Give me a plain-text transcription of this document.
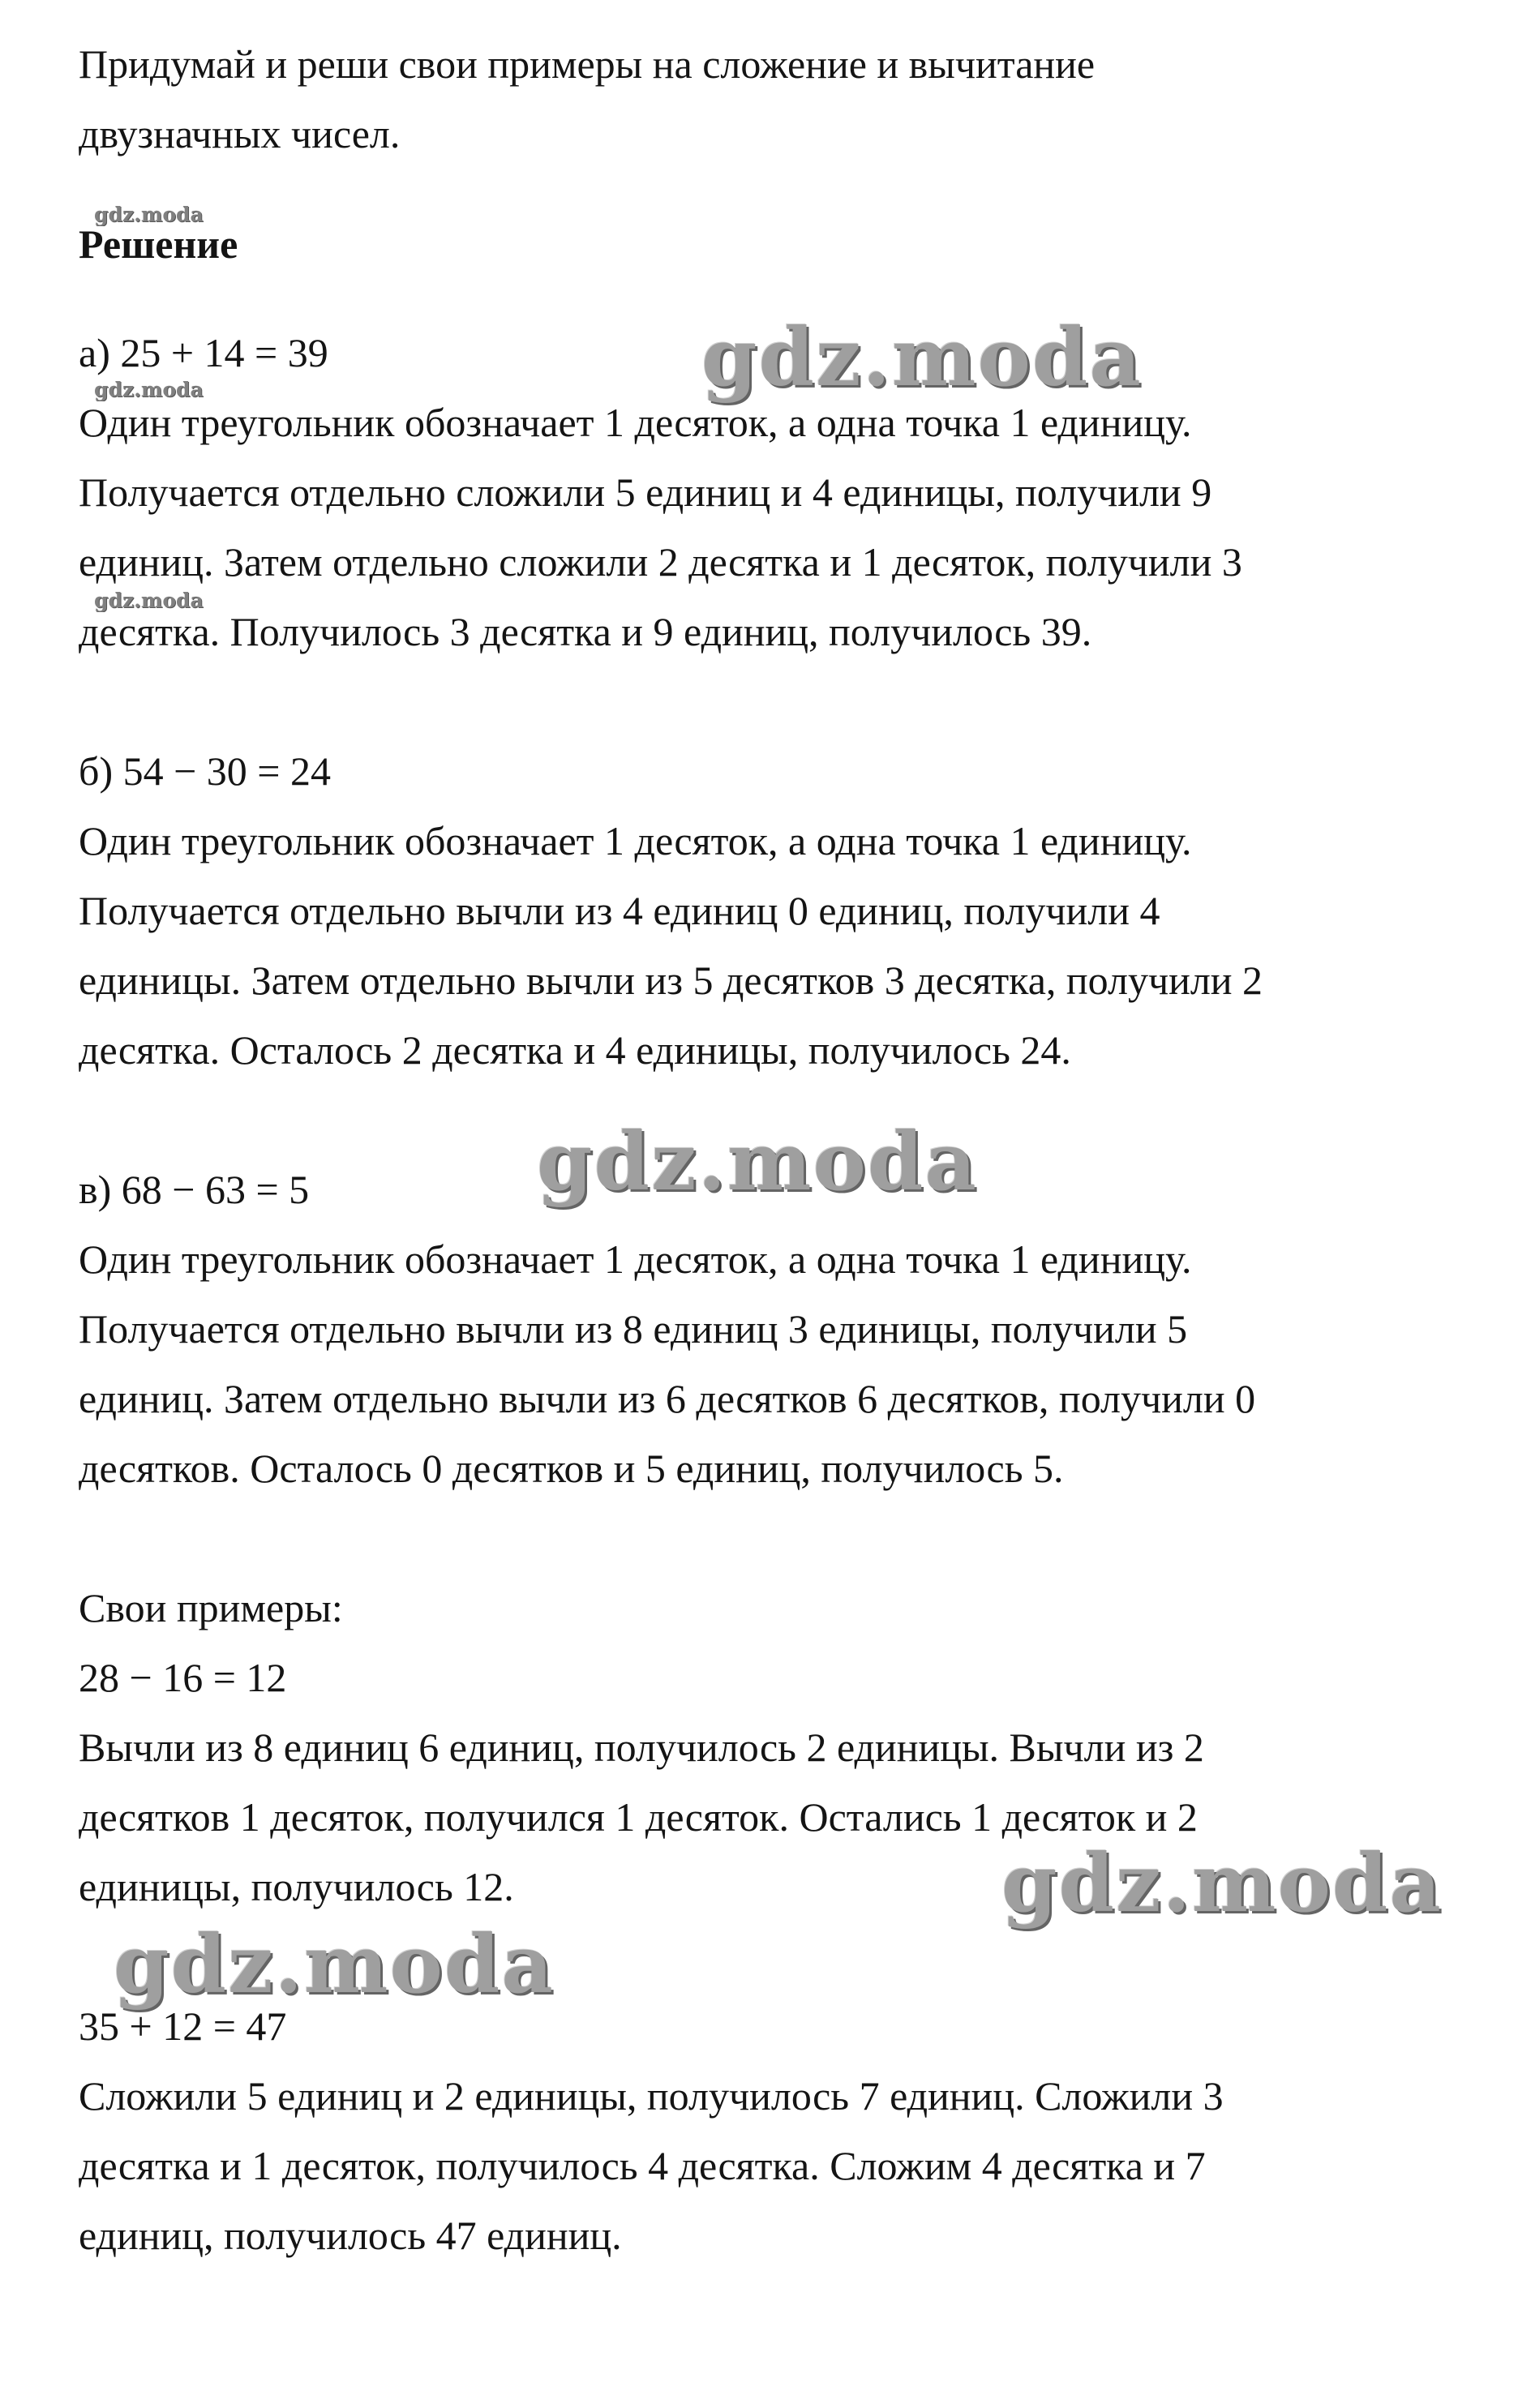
Придумай и реши свои примеры на сложение и вычитание
двузначных чисел.
Решение
а) 25 + 14 = 39
Один треугольник обозначает 1 десяток, а одна точка 1 единицу.
Получается отдельно сложили 5 единиц и 4 единицы, получили 9
единиц. Затем отдельно сложили 2 десятка и 1 десяток, получили 3
десятка. Получилось 3 десятка и 9 единиц, получилось 39.
б) 54 − 30 = 24
Один треугольник обозначает 1 десяток, а одна точка 1 единицу.
Получается отдельно вычли из 4 единиц 0 единиц, получили 4
единицы. Затем отдельно вычли из 5 десятков 3 десятка, получили 2
десятка. Осталось 2 десятка и 4 единицы, получилось 24.
в) 68 − 63 = 5
Один треугольник обозначает 1 десяток, а одна точка 1 единицу.
Получается отдельно вычли из 8 единиц 3 единицы, получили 5
единиц. Затем отдельно вычли из 6 десятков 6 десятков, получили 0
десятков. Осталось 0 десятков и 5 единиц, получилось 5.
Свои примеры:
28 − 16 = 12
Вычли из 8 единиц 6 единиц, получилось 2 единицы. Вычли из 2
десятков 1 десяток, получился 1 десяток. Остались 1 десяток и 2
единицы, получилось 12.
35 + 12 = 47
Сложили 5 единиц и 2 единицы, получилось 7 единиц. Сложили 3
десятка и 1 десяток, получилось 4 десятка. Сложим 4 десятка и 7
единиц, получилось 47 единиц.
gdz.moda
gdz.moda
gdz.moda
gdz.moda
gdz.moda
gdz.moda
gdz.moda
